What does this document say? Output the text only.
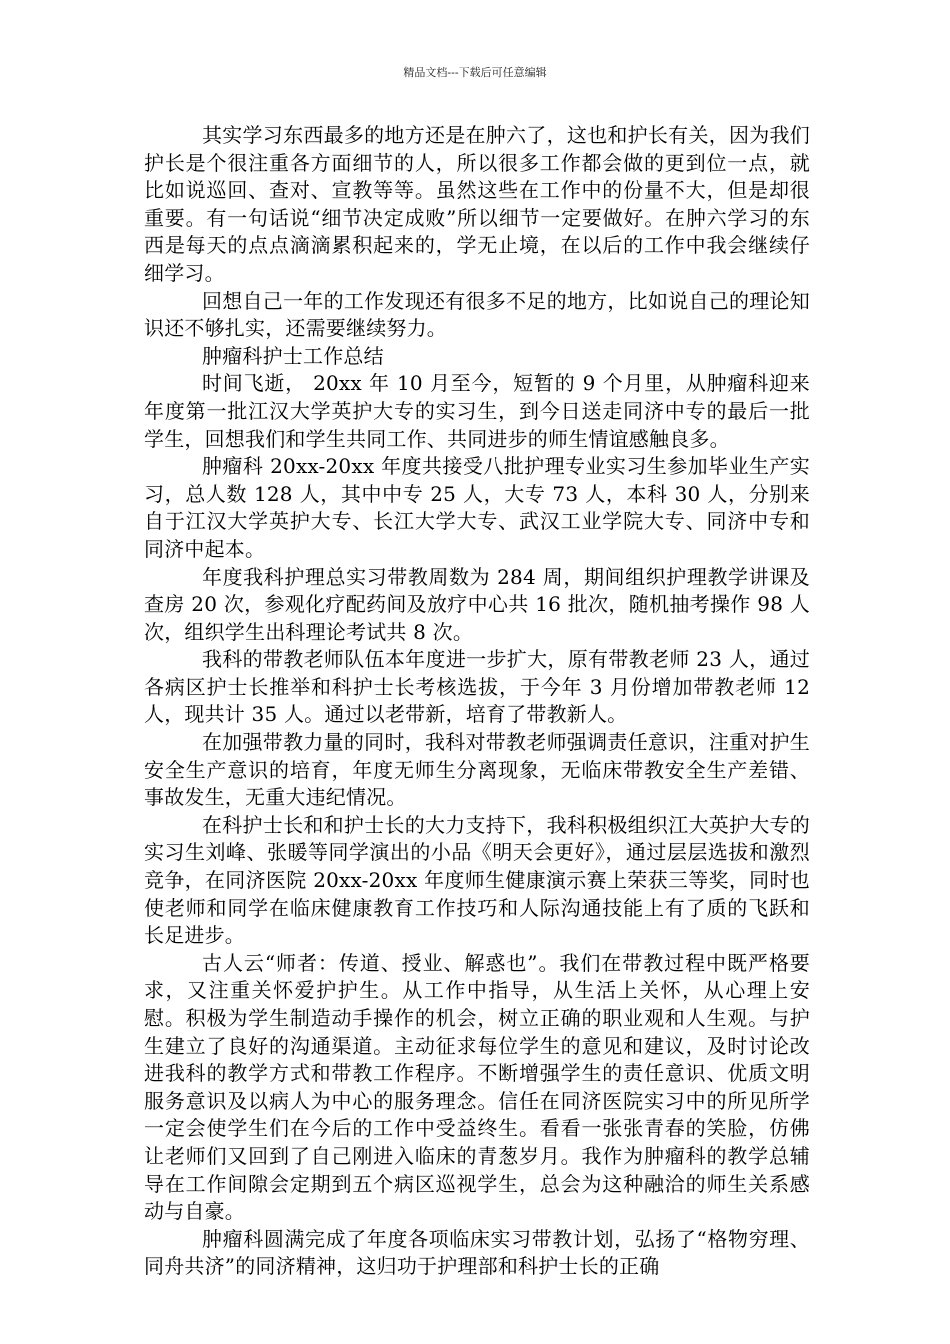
精品文档---下载后可任意编辑

其实学习东西最多的地方还是在肿六了，这也和护长有关，因为我们护长是个很注重各方面细节的人，所以很多工作都会做的更到位一点，就比如说巡回、查对、宣教等等。虽然这些在工作中的份量不大，但是却很重要。有一句话说“细节决定成败”所以细节一定要做好。在肿六学习的东西是每天的点点滴滴累积起来的，学无止境，在以后的工作中我会继续仔细学习。

回想自己一年的工作发现还有很多不足的地方，比如说自己的理论知识还不够扎实，还需要继续努力。

肿瘤科护士工作总结

时间飞逝， 20xx 年 10 月至今，短暂的 9 个月里，从肿瘤科迎来年度第一批江汉大学英护大专的实习生，到今日送走同济中专的最后一批学生，回想我们和学生共同工作、共同进步的师生情谊感触良多。

肿瘤科 20xx-20xx 年度共接受八批护理专业实习生参加毕业生产实习，总人数 128 人，其中中专 25 人，大专 73 人，本科 30 人，分别来自于江汉大学英护大专、长江大学大专、武汉工业学院大专、同济中专和同济中起本。

年度我科护理总实习带教周数为 284 周，期间组织护理教学讲课及查房 20 次，参观化疗配药间及放疗中心共 16 批次，随机抽考操作 98 人次，组织学生出科理论考试共 8 次。

我科的带教老师队伍本年度进一步扩大，原有带教老师 23 人，通过各病区护士长推举和科护士长考核选拔，于今年 3 月份增加带教老师 12 人，现共计 35 人。通过以老带新，培育了带教新人。

在加强带教力量的同时，我科对带教老师强调责任意识，注重对护生安全生产意识的培育，年度无师生分离现象，无临床带教安全生产差错、事故发生，无重大违纪情况。

在科护士长和和护士长的大力支持下，我科积极组织江大英护大专的实习生刘峰、张暖等同学演出的小品《明天会更好》，通过层层选拔和激烈竞争，在同济医院 20xx-20xx 年度师生健康演示赛上荣获三等奖，同时也使老师和同学在临床健康教育工作技巧和人际沟通技能上有了质的飞跃和长足进步。

古人云“师者：传道、授业、解惑也”。我们在带教过程中既严格要求，又注重关怀爱护护生。从工作中指导，从生活上关怀，从心理上安慰。积极为学生制造动手操作的机会，树立正确的职业观和人生观。与护生建立了良好的沟通渠道。主动征求每位学生的意见和建议，及时讨论改进我科的教学方式和带教工作程序。不断增强学生的责任意识、优质文明服务意识及以病人为中心的服务理念。信任在同济医院实习中的所见所学一定会使学生们在今后的工作中受益终生。看看一张张青春的笑脸，仿佛让老师们又回到了自己刚进入临床的青葱岁月。我作为肿瘤科的教学总辅导在工作间隙会定期到五个病区巡视学生，总会为这种融洽的师生关系感动与自豪。

肿瘤科圆满完成了年度各项临床实习带教计划，弘扬了“格物穷理、同舟共济”的同济精神，这归功于护理部和科护士长的正确
